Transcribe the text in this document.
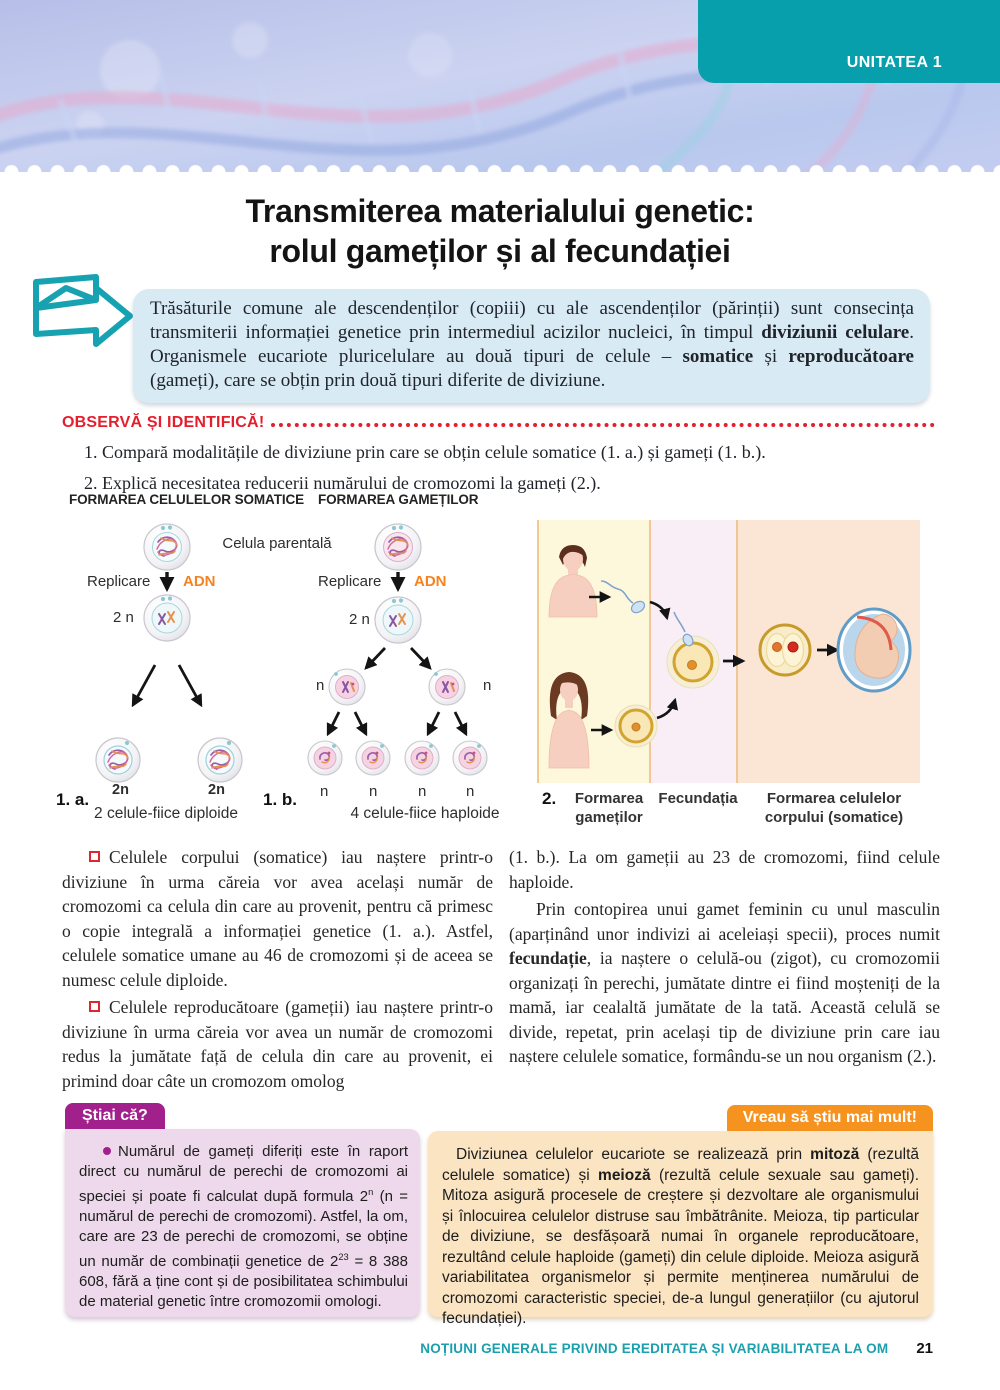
UNITATEA 1
Transmiterea materialului genetic:
rolul gameților și al fecundației
Trăsăturile comune ale descendenților (copiii) cu ale ascendenților (părinții) sunt consecința transmiterii informației genetice prin intermediul acizilor nucleici, în timpul diviziunii celulare. Organismele eucariote pluricelulare au două tipuri de celule – somatice și reproducătoare (gameți), care se obțin prin două tipuri diferite de diviziune.
OBSERVĂ ȘI IDENTIFICĂ!
1. Compară modalitățile de diviziune prin care se obțin celule somatice (1. a.) și gameți (1. b.).
2. Explică necesitatea reducerii numărului de cromozomi la gameți (2.).
FORMAREA CELULELOR SOMATICE FORMAREA GAMEȚILOR
Celula parentală
Replicare ADN	Replicare ADN
2 n	2 n
n	n
2n	2n	n	n	n	n
1. a.
2 celule-fiice diploide
1. b.
4 celule-fiice haploide
2.	Formarea gameților
Fecundația	Formarea celulelor corpului (somatice)

Celulele corpului (somatice) iau naștere printr-o diviziune în urma căreia vor avea același număr de cromozomi ca celula din care au provenit, pentru că primesc o copie integrală a informației genetice (1. a.). Astfel, celulele somatice umane au 46 de cromozomi și de aceea se numesc celule diploide.

Celulele reproducătoare (gameții) iau naștere printr-o diviziune în urma căreia vor avea un număr de cromozomi redus la jumătate față de celula din care au provenit, ei primind doar câte un cromozom omolog

(1. b.). La om gameții au 23 de cromozomi, fiind celule haploide.

Prin contopirea unui gamet feminin cu unul masculin (aparținând unor indivizi ai aceleiași specii), proces numit fecundație, ia naștere o celulă-ou (zigot), cu cromozomii organizați în perechi, jumătate dintre ei fiind moșteniți de la mamă, iar cealaltă jumătate de la tată. Această celulă se divide, repetat, prin același tip de diviziune prin care iau naștere celulele somatice, formându-se un nou organism (2.).

Știai că?

Numărul de gameți diferiți este în raport direct cu numărul de perechi de cromozomi ai speciei și poate fi calculat după formula 2$^n$ (n = numărul de perechi de cromozomi). Astfel, la om, care are 23 de perechi de cromozomi, se obține un număr de combinații genetice de $2^{23} = 8$ 388 608, fără a ține cont și de posibilitatea schimbului de material genetic între cromozomii omologi.

Vreau să știu mai mult!

Diviziunea celulelor eucariote se realizează prin mitoză (rezultă celulele somatice) și meioză (rezultă celule sexuale sau gameți). Mitoza asigură procesele de creștere și dezvoltare ale organismului și înlocuirea celulelor distruse sau îmbătrânite. Meioza, tip particular de diviziune, se desfășoară numai în organele reproducătoare, rezultând celule haploide (gameți) din celule diploide. Meioza asigură variabilitatea organismelor și permite menținerea numărului de cromozomi caracteristic speciei, de-a lungul generațiilor (cu ajutorul fecundației).

NOȚIUNI GENERALE PRIVIND EREDITATEA ȘI VARIABILITATEA LA OM 21
